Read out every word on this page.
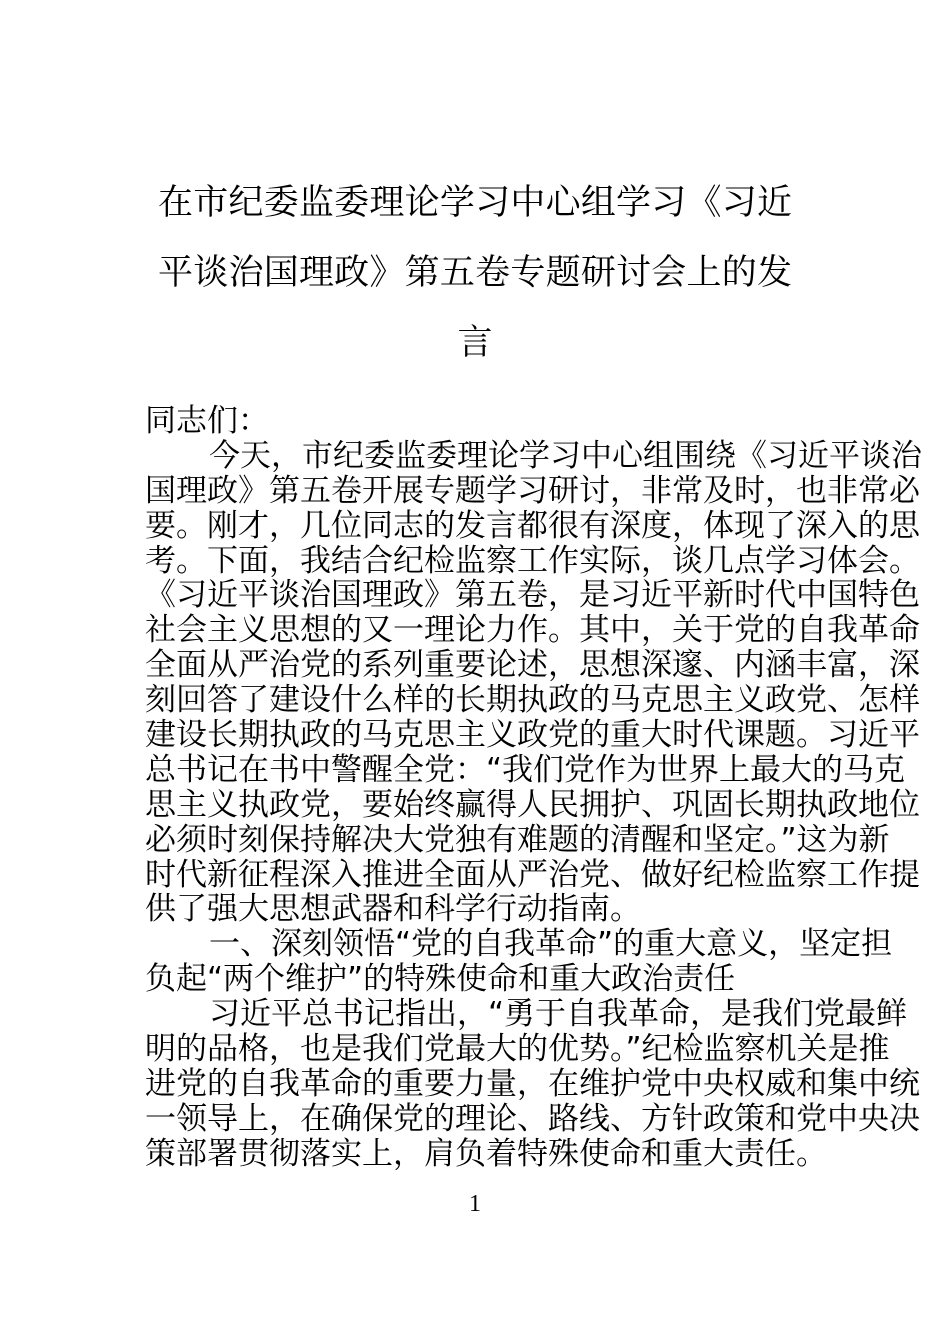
在市纪委监委理论学习中心组学习《习近
平谈治国理政》第五卷专题研讨会上的发
言
同志们：
今天，市纪委监委理论学习中心组围绕《习近平谈治
国理政》第五卷开展专题学习研讨，非常及时，也非常必
要。刚才，几位同志的发言都很有深度，体现了深入的思
考。下面，我结合纪检监察工作实际，谈几点学习体会。
《习近平谈治国理政》第五卷，是习近平新时代中国特色
社会主义思想的又一理论力作。其中，关于党的自我革命
全面从严治党的系列重要论述，思想深邃、内涵丰富，深
刻回答了建设什么样的长期执政的马克思主义政党、怎样
建设长期执政的马克思主义政党的重大时代课题。习近平
总书记在书中警醒全党：“我们党作为世界上最大的马克
思主义执政党，要始终赢得人民拥护、巩固长期执政地位
必须时刻保持解决大党独有难题的清醒和坚定。”这为新
时代新征程深入推进全面从严治党、做好纪检监察工作提
供了强大思想武器和科学行动指南。
一、深刻领悟“党的自我革命”的重大意义，坚定担
负起“两个维护”的特殊使命和重大政治责任
习近平总书记指出，“勇于自我革命，是我们党最鲜
明的品格，也是我们党最大的优势。”纪检监察机关是推
进党的自我革命的重要力量，在维护党中央权威和集中统
一领导上，在确保党的理论、路线、方针政策和党中央决
策部署贯彻落实上，肩负着特殊使命和重大责任。
1
